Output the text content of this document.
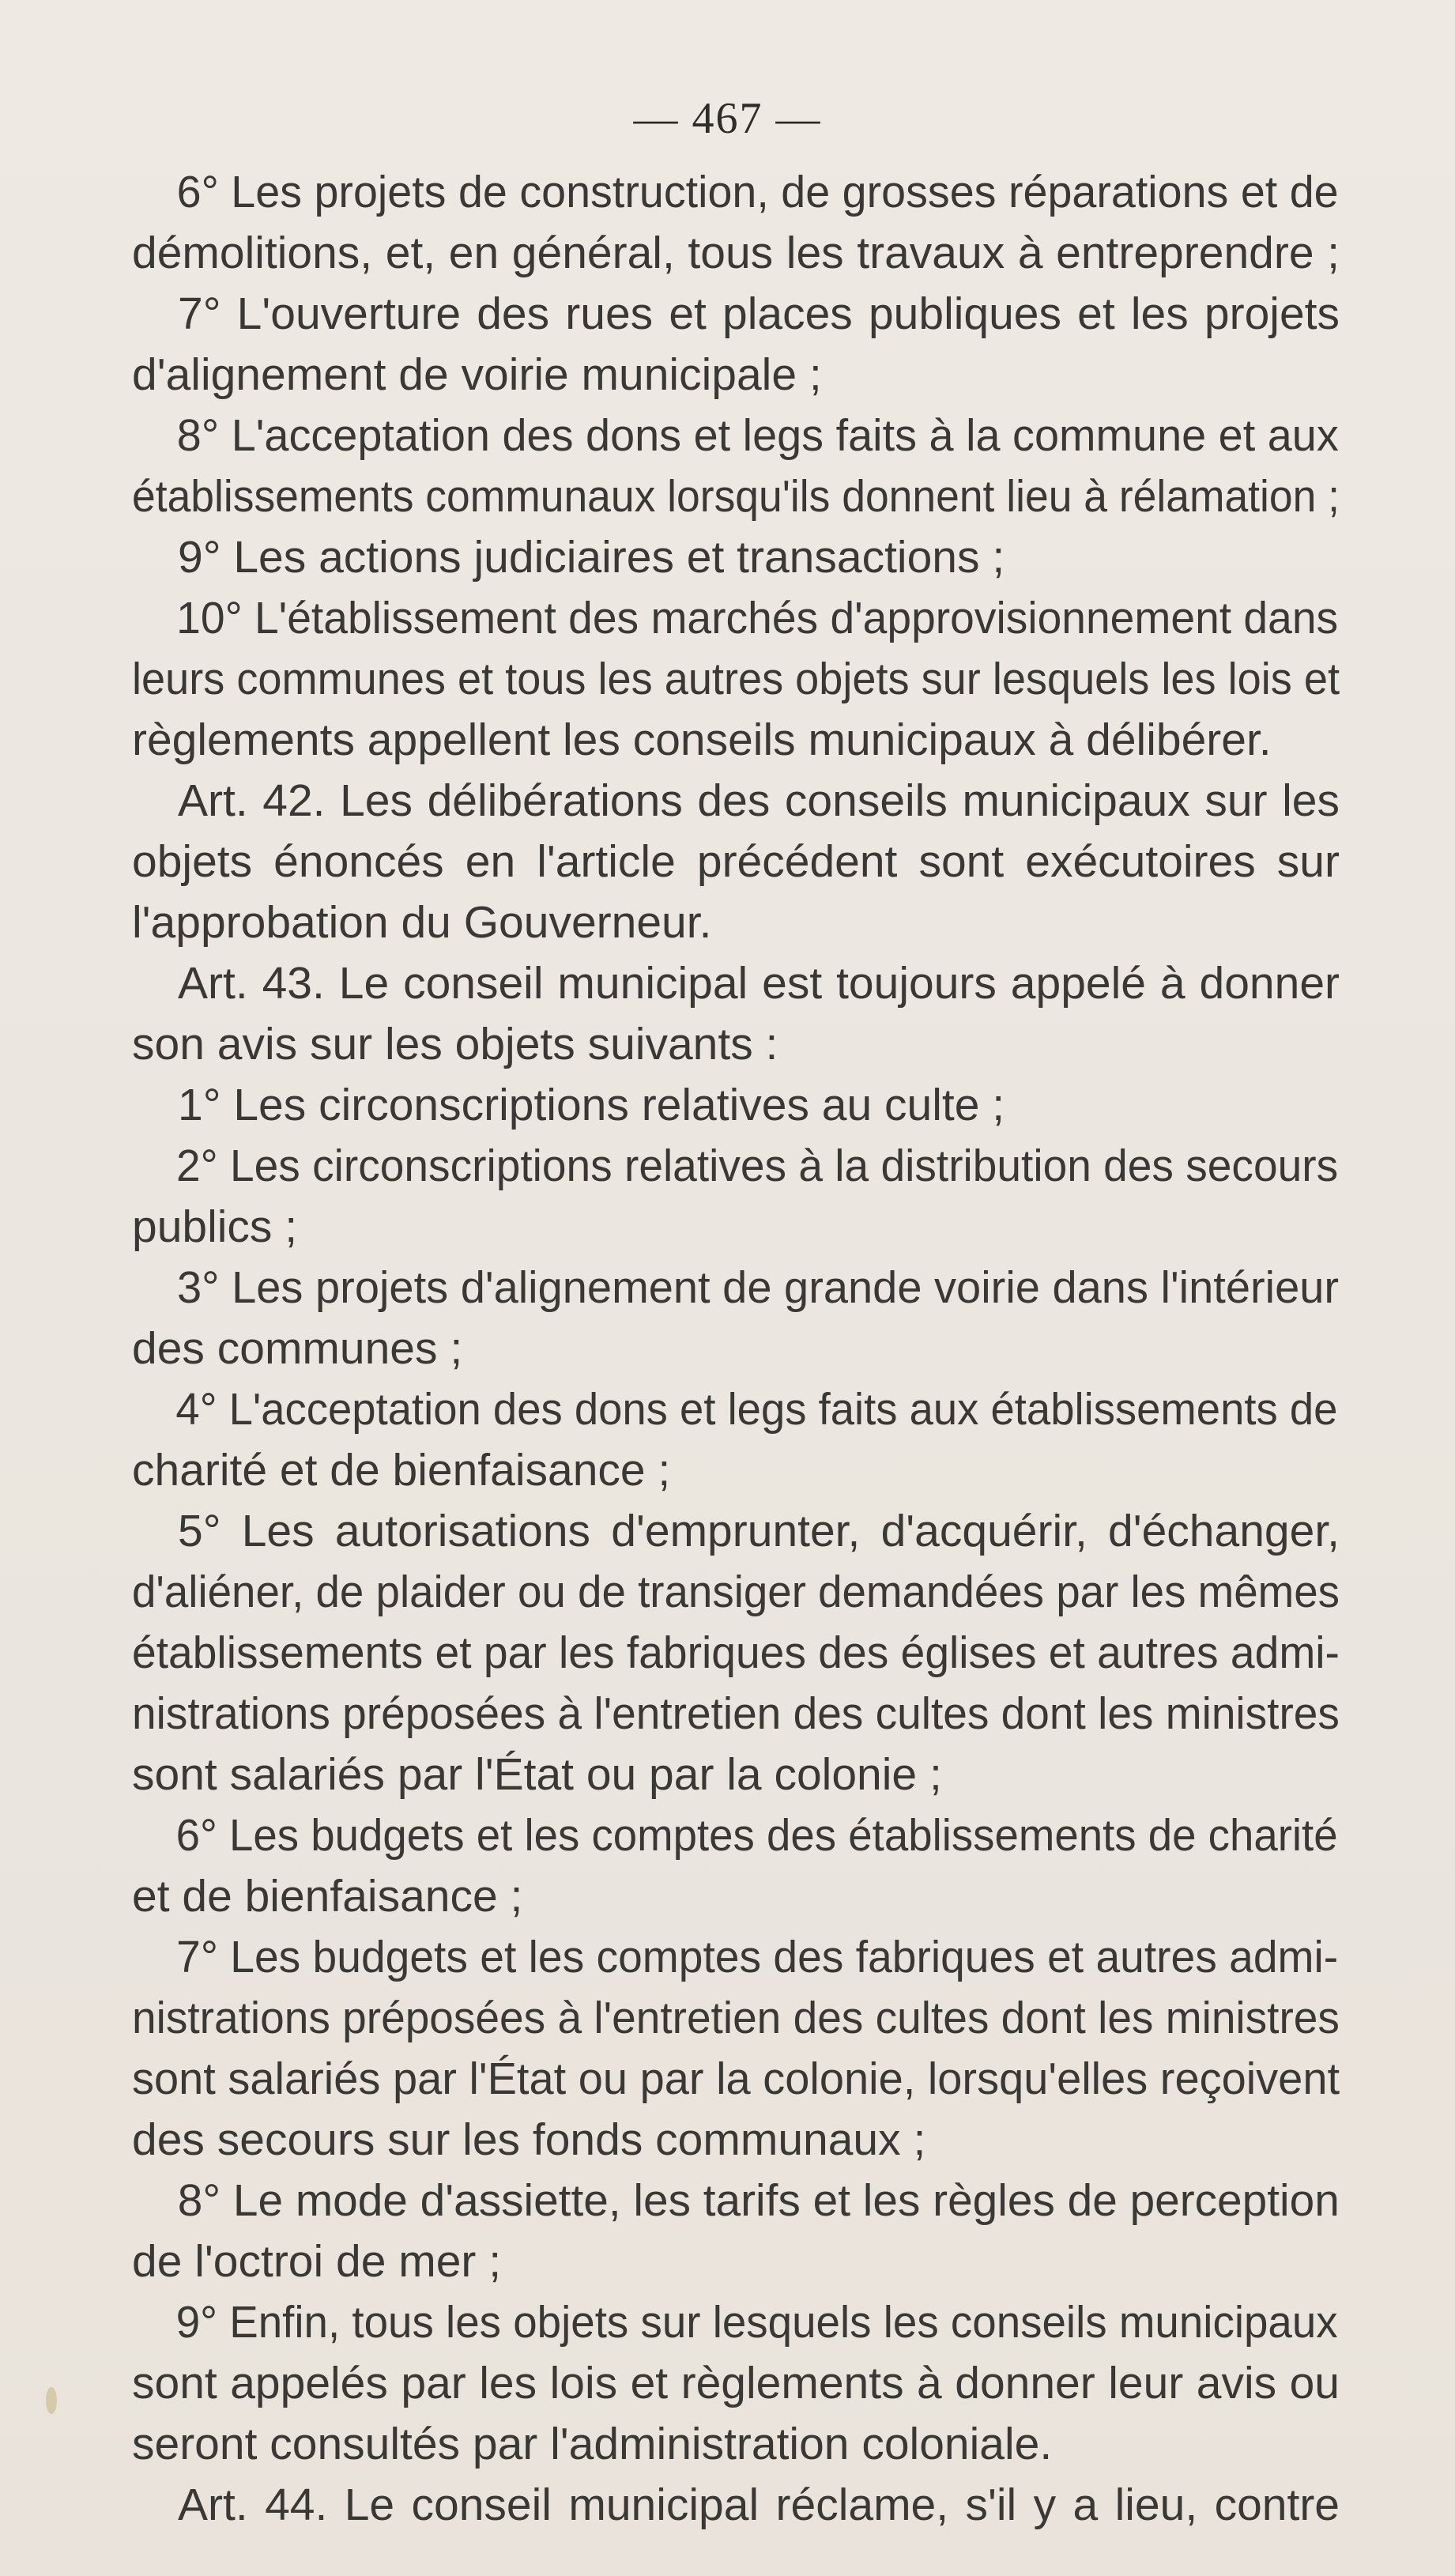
— 467 —
6° Les projets de construction, de grosses réparations et de
démolitions, et, en général, tous les travaux à entreprendre ;
7° L'ouverture des rues et places publiques et les projets
d'alignement de voirie municipale ;
8° L'acceptation des dons et legs faits à la commune et aux
établissements communaux lorsqu'ils donnent lieu à rélamation ;
9° Les actions judiciaires et transactions ;
10° L'établissement des marchés d'approvisionnement dans
leurs communes et tous les autres objets sur lesquels les lois et
règlements appellent les conseils municipaux à délibérer.
Art. 42. Les délibérations des conseils municipaux sur les
objets énoncés en l'article précédent sont exécutoires sur
l'approbation du Gouverneur.
Art. 43. Le conseil municipal est toujours appelé à donner
son avis sur les objets suivants :
1° Les circonscriptions relatives au culte ;
2° Les circonscriptions relatives à la distribution des secours
publics ;
3° Les projets d'alignement de grande voirie dans l'intérieur
des communes ;
4° L'acceptation des dons et legs faits aux établissements de
charité et de bienfaisance ;
5° Les autorisations d'emprunter, d'acquérir, d'échanger,
d'aliéner, de plaider ou de transiger demandées par les mêmes
établissements et par les fabriques des églises et autres admi-
nistrations préposées à l'entretien des cultes dont les ministres
sont salariés par l'État ou par la colonie ;
6° Les budgets et les comptes des établissements de charité
et de bienfaisance ;
7° Les budgets et les comptes des fabriques et autres admi-
nistrations préposées à l'entretien des cultes dont les ministres
sont salariés par l'État ou par la colonie, lorsqu'elles reçoivent
des secours sur les fonds communaux ;
8° Le mode d'assiette, les tarifs et les règles de perception
de l'octroi de mer ;
9° Enfin, tous les objets sur lesquels les conseils municipaux
sont appelés par les lois et règlements à donner leur avis ou
seront consultés par l'administration coloniale.
Art. 44. Le conseil municipal réclame, s'il y a lieu, contre
